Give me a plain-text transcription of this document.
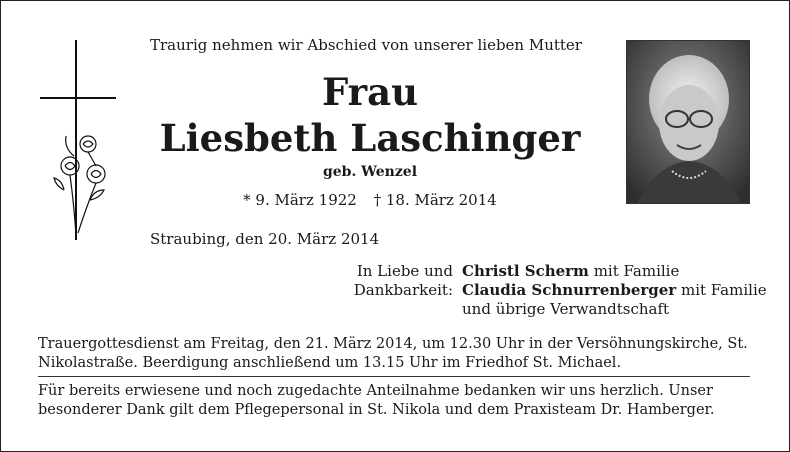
Traurig nehmen wir Abschied von unserer lieben Mutter
Frau
Liesbeth Laschinger
geb. Wenzel
* 9. März 1922 † 18. März 2014
Straubing, den 20. März 2014
In Liebe und
Dankbarkeit:
Christl Scherm mit Familie
Claudia Schnurrenberger mit Familie
und übrige Verwandtschaft
Trauergottesdienst am Freitag, den 21. März 2014, um 12.30 Uhr in der Versöhnungskirche, St. Nikolastraße. Beerdigung anschließend um 13.15 Uhr im Friedhof St. Michael.
Für bereits erwiesene und noch zugedachte Anteilnahme bedanken wir uns herzlich. Unser besonderer Dank gilt dem Pflegepersonal in St. Nikola und dem Praxisteam Dr. Hamberger.
